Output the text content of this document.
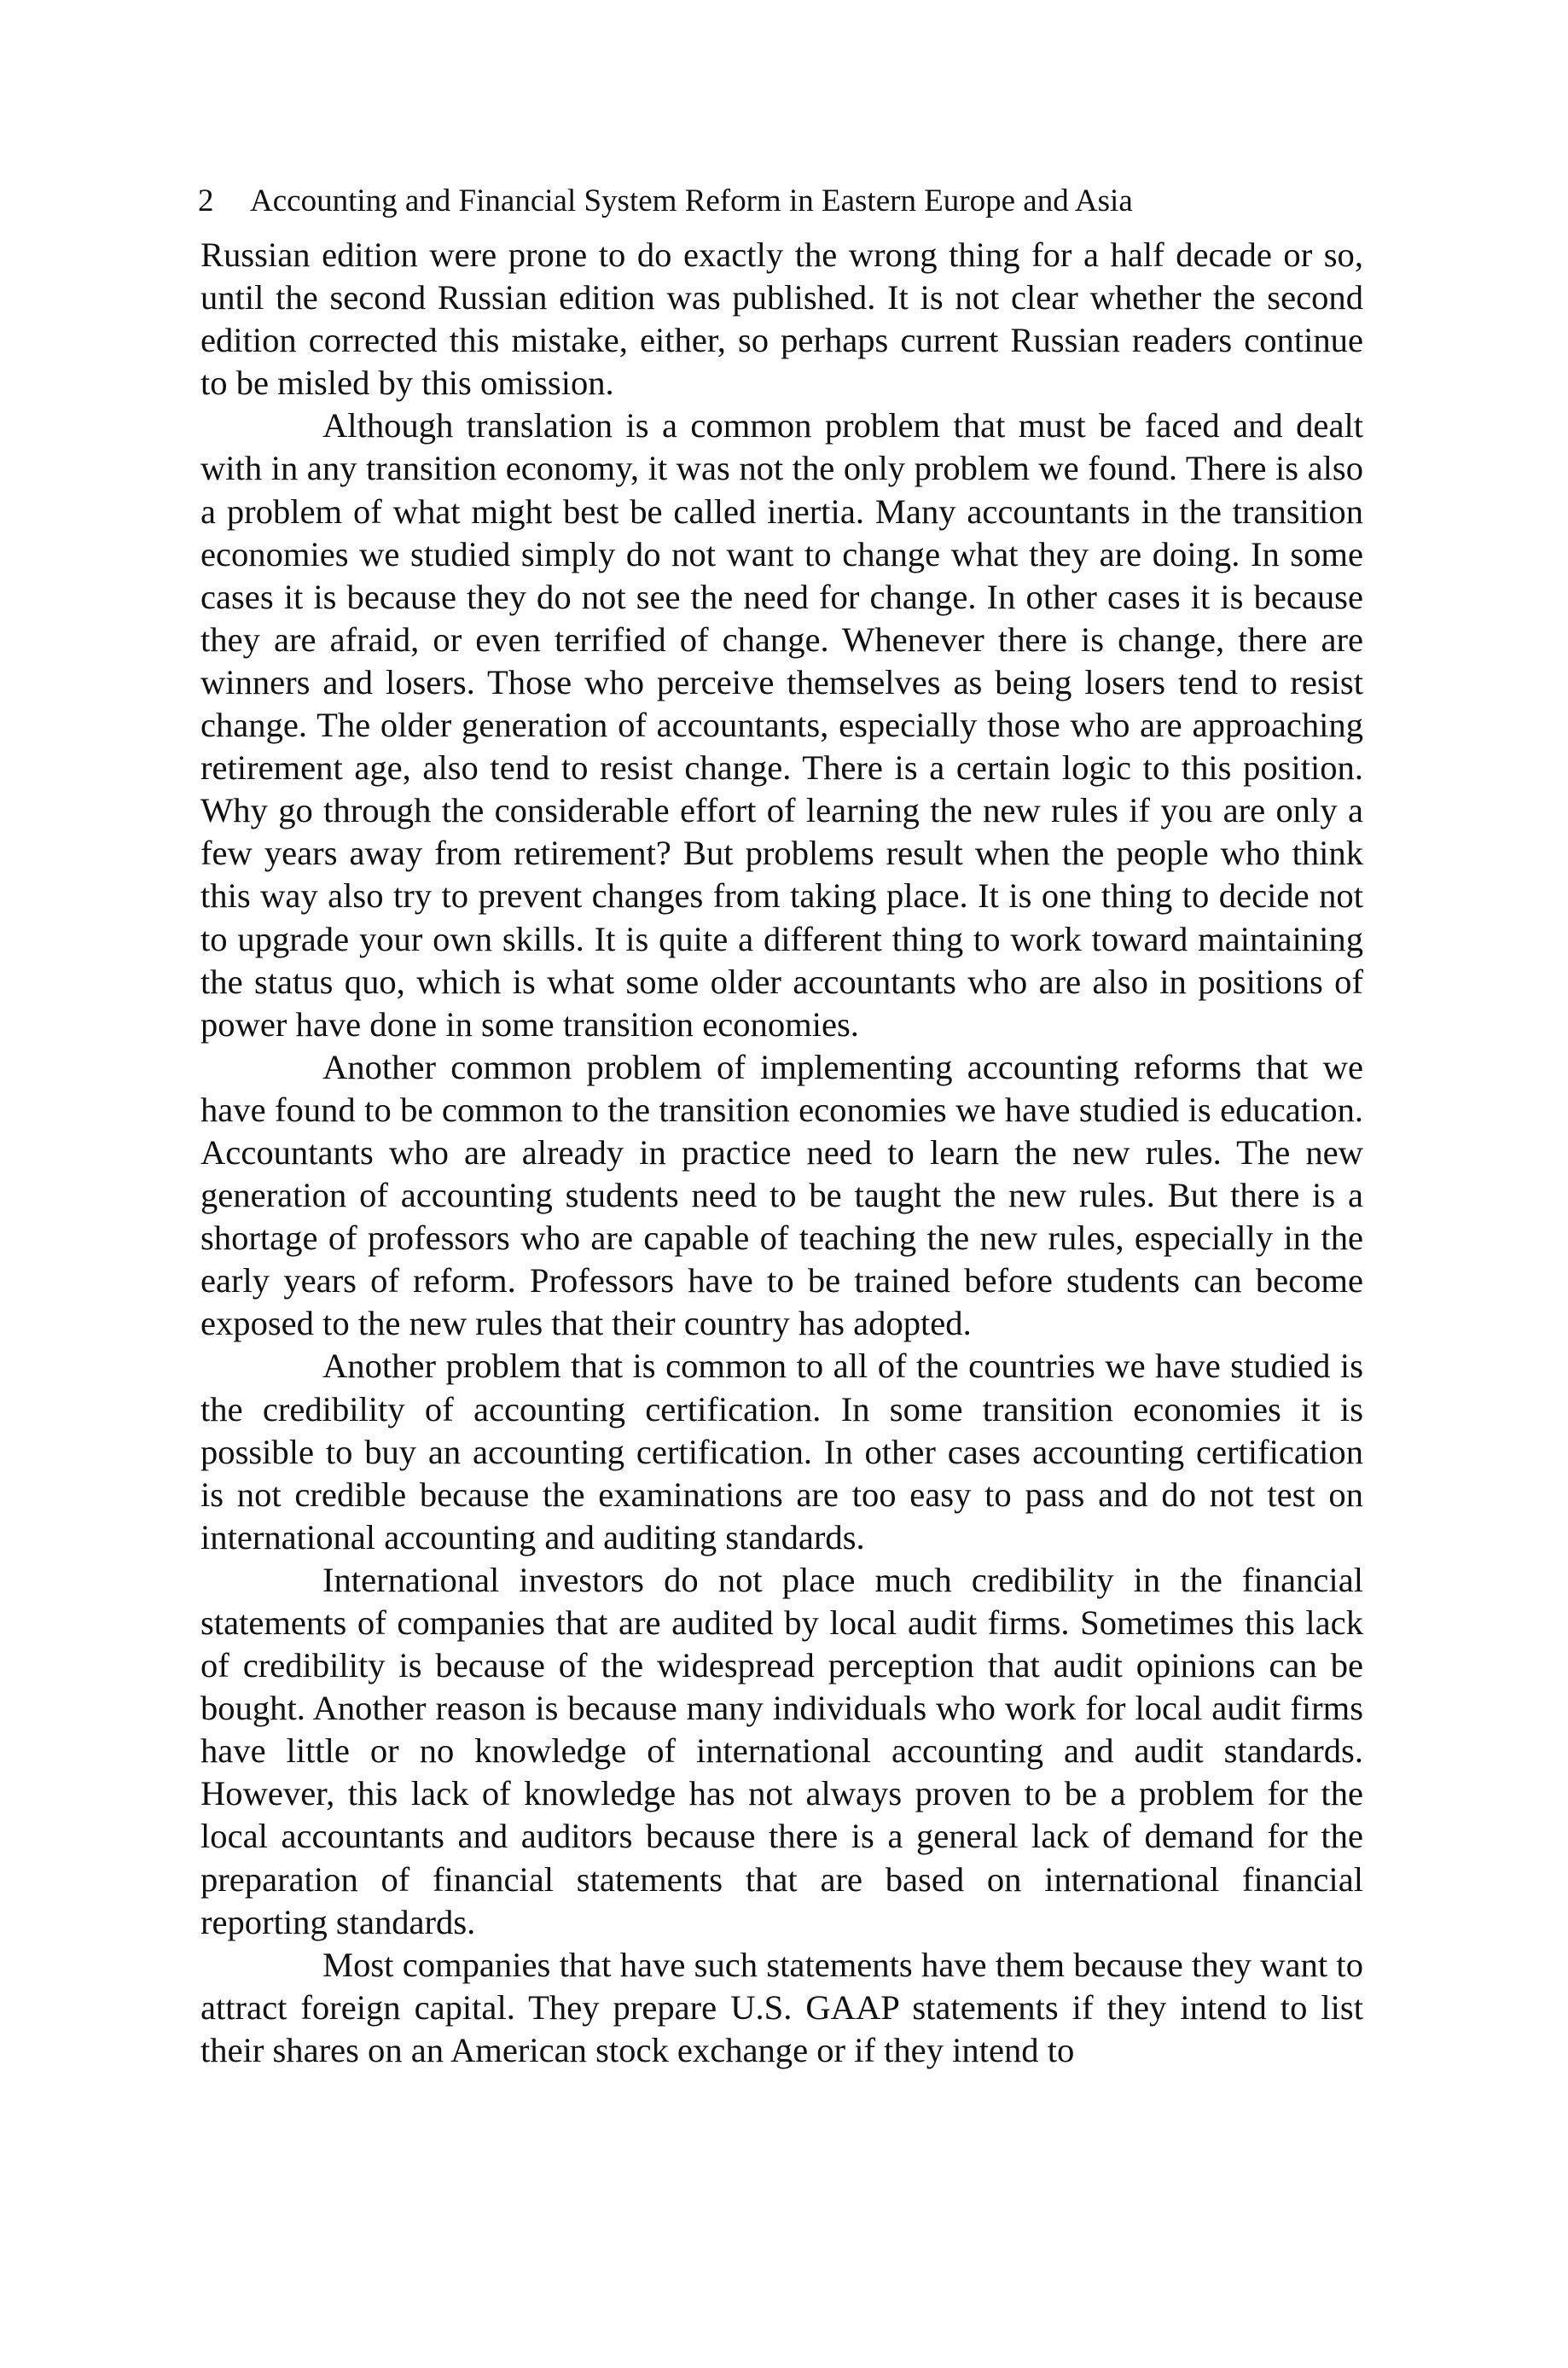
2 Accounting and Financial System Reform in Eastern Europe and Asia

Russian edition were prone to do exactly the wrong thing for a half decade or so, until the second Russian edition was published. It is not clear whether the second edition corrected this mistake, either, so perhaps current Russian readers continue to be misled by this omission.

Although translation is a common problem that must be faced and dealt with in any transition economy, it was not the only problem we found. There is also a problem of what might best be called inertia. Many accountants in the transition economies we studied simply do not want to change what they are doing. In some cases it is because they do not see the need for change. In other cases it is because they are afraid, or even terrified of change. Whenever there is change, there are winners and losers. Those who perceive themselves as being losers tend to resist change. The older generation of accountants, especially those who are approaching retirement age, also tend to resist change. There is a certain logic to this position. Why go through the considerable effort of learning the new rules if you are only a few years away from retirement? But problems result when the people who think this way also try to prevent changes from taking place. It is one thing to decide not to upgrade your own skills. It is quite a different thing to work toward maintaining the status quo, which is what some older accountants who are also in positions of power have done in some transition economies.

Another common problem of implementing accounting reforms that we have found to be common to the transition economies we have studied is education. Accountants who are already in practice need to learn the new rules. The new generation of accounting students need to be taught the new rules. But there is a shortage of professors who are capable of teaching the new rules, especially in the early years of reform. Professors have to be trained before students can become exposed to the new rules that their country has adopted.

Another problem that is common to all of the countries we have studied is the credibility of accounting certification. In some transition economies it is possible to buy an accounting certification. In other cases accounting certification is not credible because the examinations are too easy to pass and do not test on international accounting and auditing standards.

International investors do not place much credibility in the financial statements of companies that are audited by local audit firms. Sometimes this lack of credibility is because of the widespread perception that audit opinions can be bought. Another reason is because many individuals who work for local audit firms have little or no knowledge of international accounting and audit standards. However, this lack of knowledge has not always proven to be a problem for the local accountants and auditors because there is a general lack of demand for the preparation of financial statements that are based on international financial reporting standards.

Most companies that have such statements have them because they want to attract foreign capital. They prepare U.S. GAAP statements if they intend to list their shares on an American stock exchange or if they intend to
